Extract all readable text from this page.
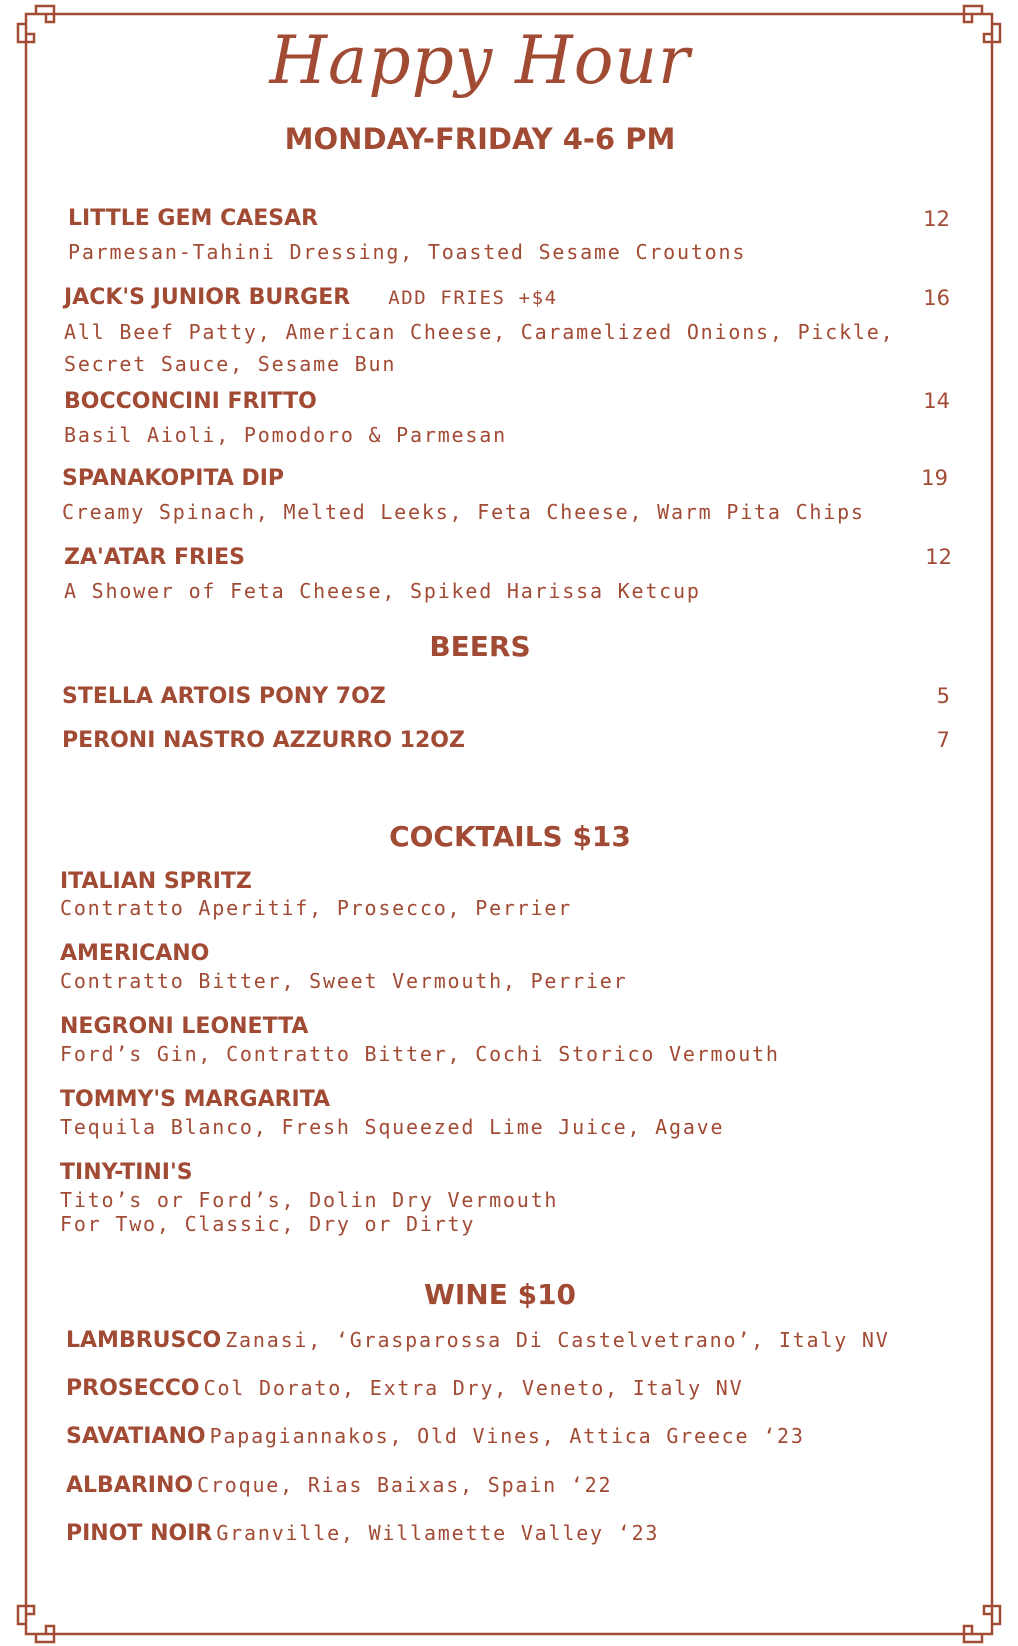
Happy Hour
MONDAY-FRIDAY 4-6 PM
LITTLE GEM CAESAR	12
Parmesan-Tahini Dressing, Toasted Sesame Croutons
JACK'S JUNIOR BURGER ADD FRIES +$4	16
All Beef Patty, American Cheese, Caramelized Onions, Pickle,
Secret Sauce, Sesame Bun
BOCCONCINI FRITTO	14
Basil Aioli, Pomodoro & Parmesan
SPANAKOPITA DIP	19
Creamy Spinach, Melted Leeks, Feta Cheese, Warm Pita Chips
ZA'ATAR FRIES	12
A Shower of Feta Cheese, Spiked Harissa Ketcup
BEERS
STELLA ARTOIS PONY 7OZ	5
PERONI NASTRO AZZURRO 12OZ	7
COCKTAILS $13
ITALIAN SPRITZ
Contratto Aperitif, Prosecco, Perrier
AMERICANO
Contratto Bitter, Sweet Vermouth, Perrier
NEGRONI LEONETTA
Ford’s Gin, Contratto Bitter, Cochi Storico Vermouth
TOMMY'S MARGARITA
Tequila Blanco, Fresh Squeezed Lime Juice, Agave
TINY-TINI'S
Tito’s or Ford’s, Dolin Dry Vermouth
For Two, Classic, Dry or Dirty
WINE $10
LAMBRUSCO Zanasi, ‘Grasparossa Di Castelvetrano’, Italy NV
PROSECCO Col Dorato, Extra Dry, Veneto, Italy NV
SAVATIANO Papagiannakos, Old Vines, Attica Greece ‘23
ALBARINO Croque, Rias Baixas, Spain ‘22
PINOT NOIR Granville, Willamette Valley ‘23
